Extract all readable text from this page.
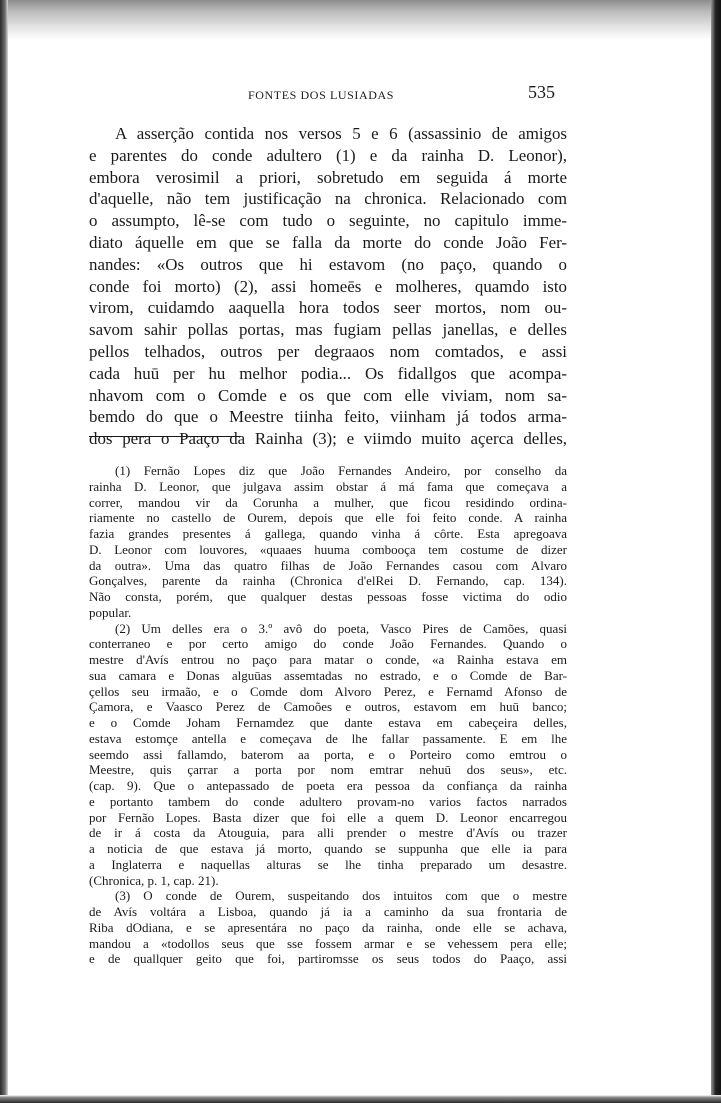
FONTES DOS LUSIADAS	535
A asserção contida nos versos 5 e 6 (assassinio de amigos
e parentes do conde adultero (1) e da rainha D. Leonor),
embora verosimil a priori, sobretudo em seguida á morte
d'aquelle, não tem justificação na chronica. Relacionado com
o assumpto, lê-se com tudo o seguinte, no capitulo imme-
diato áquelle em que se falla da morte do conde João Fer-
nandes: «Os outros que hi estavom (no paço, quando o
conde foi morto) (2), assi homeēs e molheres, quamdo isto
virom, cuidamdo aaquella hora todos seer mortos, nom ou-
savom sahir pollas portas, mas fugiam pellas janellas, e delles
pellos telhados, outros per degraaos nom comtados, e assi
cada huū per hu melhor podia... Os fidallgos que acompa-
nhavom com o Comde e os que com elle viviam, nom sa-
bemdo do que o Meestre tiinha feito, viinham já todos arma-
dos pera o Paaço da Rainha (3); e viimdo muito açerca delles,
(1) Fernão Lopes diz que João Fernandes Andeiro, por conselho da
rainha D. Leonor, que julgava assim obstar á má fama que começava a
correr, mandou vir da Corunha a mulher, que ficou residindo ordina-
riamente no castello de Ourem, depois que elle foi feito conde. A rainha
fazia grandes presentes á gallega, quando vinha á côrte. Esta apregoava
D. Leonor com louvores, «quaaes huuma comboоça tem costume de dizer
da outra». Uma das quatro filhas de João Fernandes casou com Alvaro
Gonçalves, parente da rainha (Chronica d'elRei D. Fernando, cap. 134).
Não consta, porém, que qualquer destas pessoas fosse victima do odio
popular.
(2) Um delles era o 3.º avô do poeta, Vasco Pires de Camões, quasi
conterraneo e por certo amigo do conde João Fernandes. Quando o
mestre d'Avís entrou no paço para matar o conde, «a Rainha estava em
sua camara e Donas alguūas assemtadas no estrado, e o Comde de Bar-
çellos seu irmaão, e o Comde dom Alvoro Perez, e Fernamd Afonso de
Çamora, e Vaasco Perez de Camoões e outros, estavom em huū banco;
e o Comde Joham Fernamdez que dante estava em cabeçeira delles,
estava estomçe antella e começava de lhe fallar passamente. E em lhe
seemdo assi fallamdo, baterom aa porta, e o Porteiro como emtrou o
Meestre, quis çarrar a porta por nom emtrar nehuū dos seus», etc.
(cap. 9). Que o antepassado de poeta era pessoa da confiança da rainha
e portanto tambem do conde adultero provam-no varios factos narrados
por Fernão Lopes. Basta dizer que foi elle a quem D. Leonor encarregou
de ir á costa da Atouguia, para alli prender o mestre d'Avís ou trazer
a noticia de que estava já morto, quando se suppunha que elle ia para
a Inglaterra e naquellas alturas se lhe tinha preparado um desastre.
(Chronica, p. 1, cap. 21).
(3) O conde de Ourem, suspeitando dos intuitos com que o mestre
de Avís voltára a Lisboa, quando já ia a caminho da sua frontaria de
Riba dOdiana, e se apresentára no paço da rainha, onde elle se achava,
mandou a «todollos seus que sse fossem armar e se vehessem pera elle;
e de quallquer geito que foi, partiromsse os seus todos do Paaço, assi
